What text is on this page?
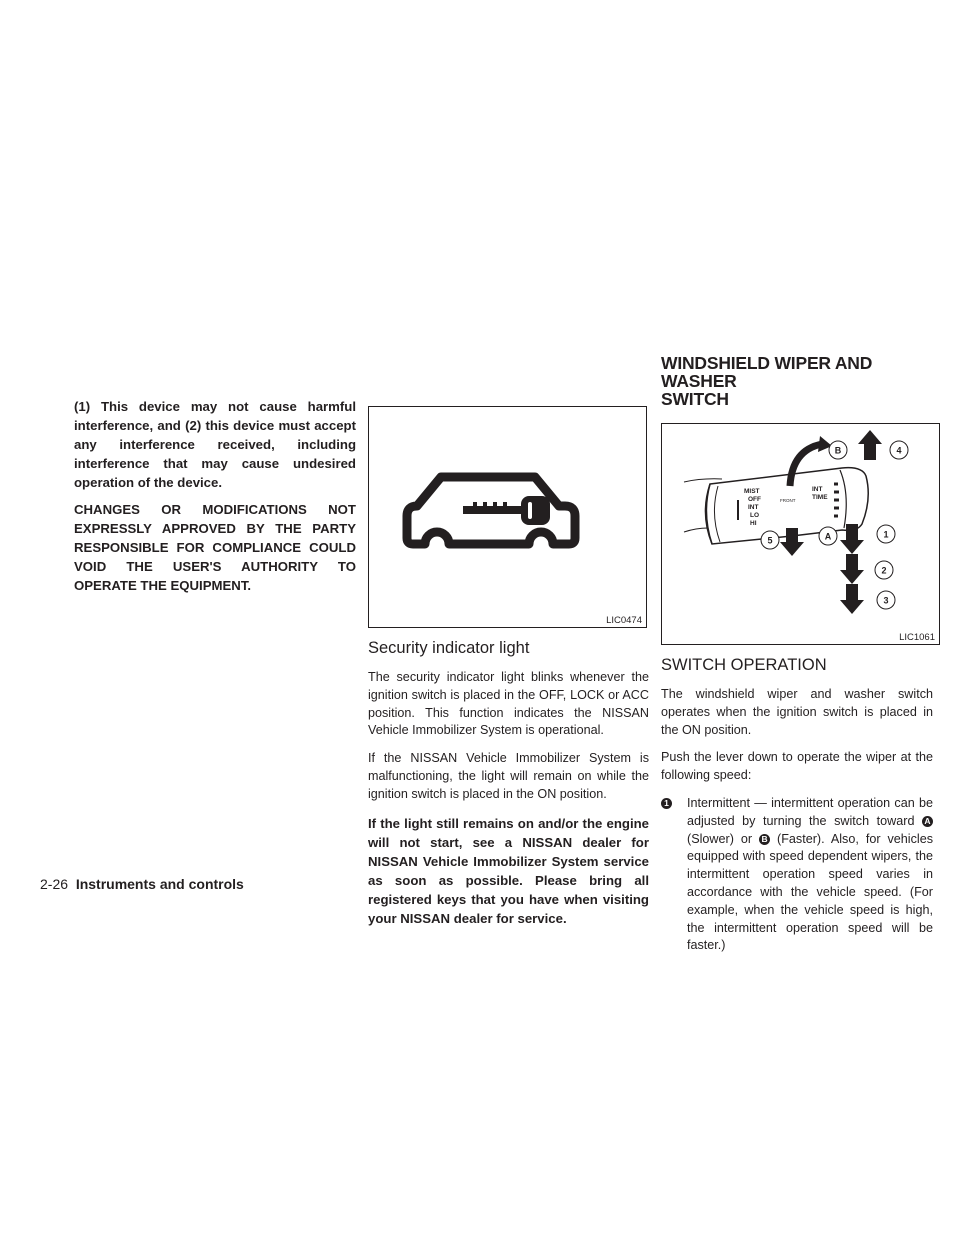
(1) This device may not cause harmful interference, and (2) this device must accept any interference received, including interference that may cause undesired operation of the device.

CHANGES OR MODIFICATIONS NOT EXPRESSLY APPROVED BY THE PARTY RESPONSIBLE FOR COMPLIANCE COULD VOID THE USER'S AUTHORITY TO OPERATE THE EQUIPMENT.

LIC0474
Security indicator light

The security indicator light blinks whenever the ignition switch is placed in the OFF, LOCK or ACC position. This function indicates the NISSAN Vehicle Immobilizer System is operational.

If the NISSAN Vehicle Immobilizer System is malfunctioning, the light will remain on while the ignition switch is placed in the ON position.

If the light still remains on and/or the engine will not start, see a NISSAN dealer for NISSAN Vehicle Immobilizer System service as soon as possible. Please bring all registered keys that you have when visiting your NISSAN dealer for service.

WINDSHIELD WIPER AND WASHER
SWITCH
MIST
OFF
INT
LO
HI
FRONT
INT
TIME
B	4
A	1
2
3
5
LIC1061
SWITCH OPERATION

The windshield wiper and washer switch operates when the ignition switch is placed in the ON position.

Push the lever down to operate the wiper at the following speed:

1	Intermittent — intermittent operation can be adjusted by turning the switch toward A (Slower) or B (Faster). Also, for vehicles equipped with speed dependent wipers, the intermittent operation speed varies in accordance with the vehicle speed. (For example, when the vehicle speed is high, the intermittent operation speed will be faster.)
2-26 Instruments and controls
